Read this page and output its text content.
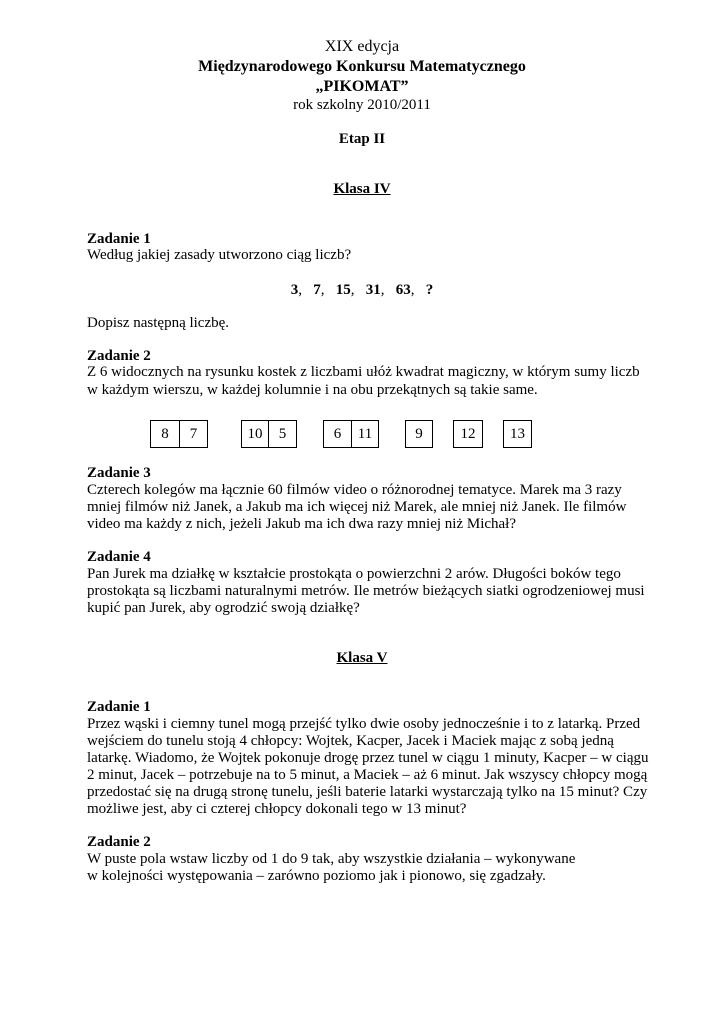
XIX edycja
Międzynarodowego Konkursu Matematycznego
„PIKOMAT”
rok szkolny 2010/2011
Etap II
Klasa IV
Zadanie 1
Według jakiej zasady utworzono ciąg liczb?
3, 7, 15, 31, 63, ?
Dopisz następną liczbę.
Zadanie 2
Z 6 widocznych na rysunku kostek z liczbami ułóż kwadrat magiczny, w którym sumy liczb
w każdym wierszu, w każdej kolumnie i na obu przekątnych są takie same.
8	7	10	5	6	11	9	12	13
Zadanie 3
Czterech kolegów ma łącznie 60 filmów video o różnorodnej tematyce. Marek ma 3 razy
mniej filmów niż Janek, a Jakub ma ich więcej niż Marek, ale mniej niż Janek. Ile filmów
video ma każdy z nich, jeżeli Jakub ma ich dwa razy mniej niż Michał?
Zadanie 4
Pan Jurek ma działkę w kształcie prostokąta o powierzchni 2 arów. Długości boków tego
prostokąta są liczbami naturalnymi metrów. Ile metrów bieżących siatki ogrodzeniowej musi
kupić pan Jurek, aby ogrodzić swoją działkę?
Klasa V
Zadanie 1
Przez wąski i ciemny tunel mogą przejść tylko dwie osoby jednocześnie i to z latarką. Przed
wejściem do tunelu stoją 4 chłopcy: Wojtek, Kacper, Jacek i Maciek mając z sobą jedną
latarkę. Wiadomo, że Wojtek pokonuje drogę przez tunel w ciągu 1 minuty, Kacper – w ciągu
2 minut, Jacek – potrzebuje na to 5 minut, a Maciek – aż 6 minut. Jak wszyscy chłopcy mogą
przedostać się na drugą stronę tunelu, jeśli baterie latarki wystarczają tylko na 15 minut? Czy
możliwe jest, aby ci czterej chłopcy dokonali tego w 13 minut?
Zadanie 2
W puste pola wstaw liczby od 1 do 9 tak, aby wszystkie działania – wykonywane
w kolejności występowania – zarówno poziomo jak i pionowo, się zgadzały.
